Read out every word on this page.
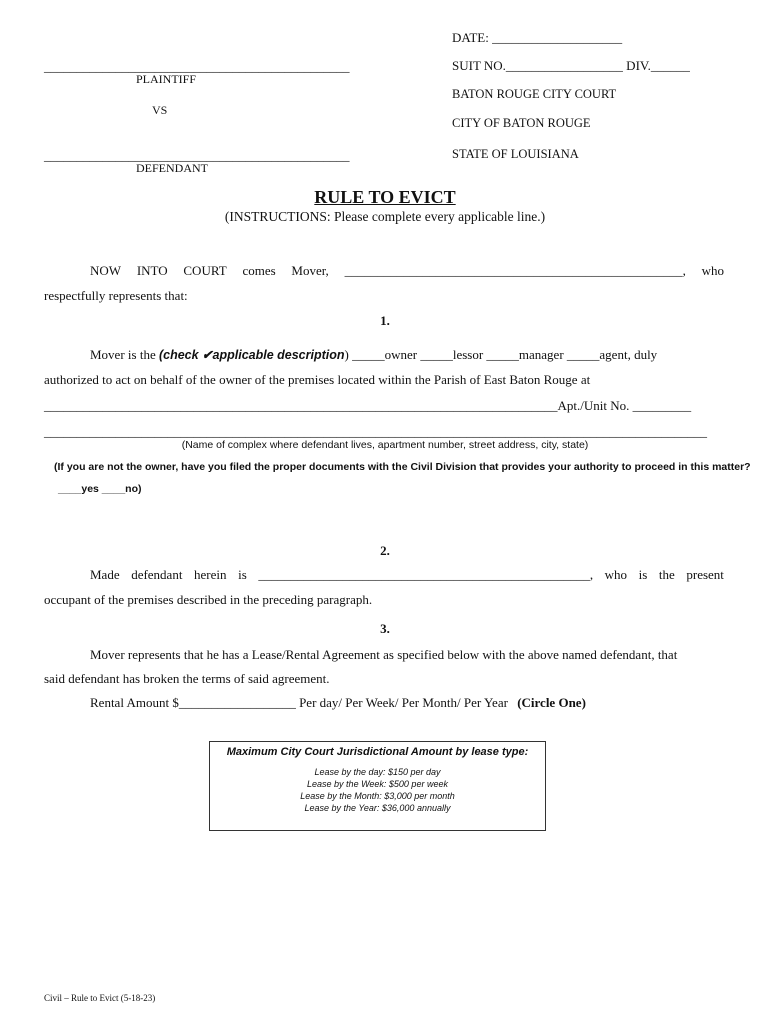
DATE: ____________________
_______________________________________________
PLAINTIFF
VS
_______________________________________________
DEFENDANT
SUIT NO.__________________ DIV.______
BATON ROUGE CITY COURT
CITY OF BATON ROUGE
STATE OF LOUISIANA
RULE TO EVICT
(INSTRUCTIONS: Please complete every applicable line.)
NOW INTO COURT comes Mover, ____________________________________________________, who
respectfully represents that:
1.
Mover is the (check ✔applicable description) _____owner _____lessor _____manager _____agent, duly
authorized to act on behalf of the owner of the premises located within the Parish of East Baton Rouge at
_______________________________________________________________________________Apt./Unit No. _________
______________________________________________________________________________________________________
(Name of complex where defendant lives, apartment number, street address, city, state)
(If you are not the owner, have you filed the proper documents with the Civil Division that provides your authority to proceed in this matter?
____yes ____no)
2.
Made defendant herein is ___________________________________________________, who is the present
occupant of the premises described in the preceding paragraph.
3.
Mover represents that he has a Lease/Rental Agreement as specified below with the above named defendant, that
said defendant has broken the terms of said agreement.
Rental Amount $__________________ Per day/ Per Week/ Per Month/ Per Year (Circle One)
Maximum City Court Jurisdictional Amount by lease type:
Lease by the day: $150 per day
Lease by the Week: $500 per week
Lease by the Month: $3,000 per month
Lease by the Year: $36,000 annually
Civil – Rule to Evict (5-18-23)
